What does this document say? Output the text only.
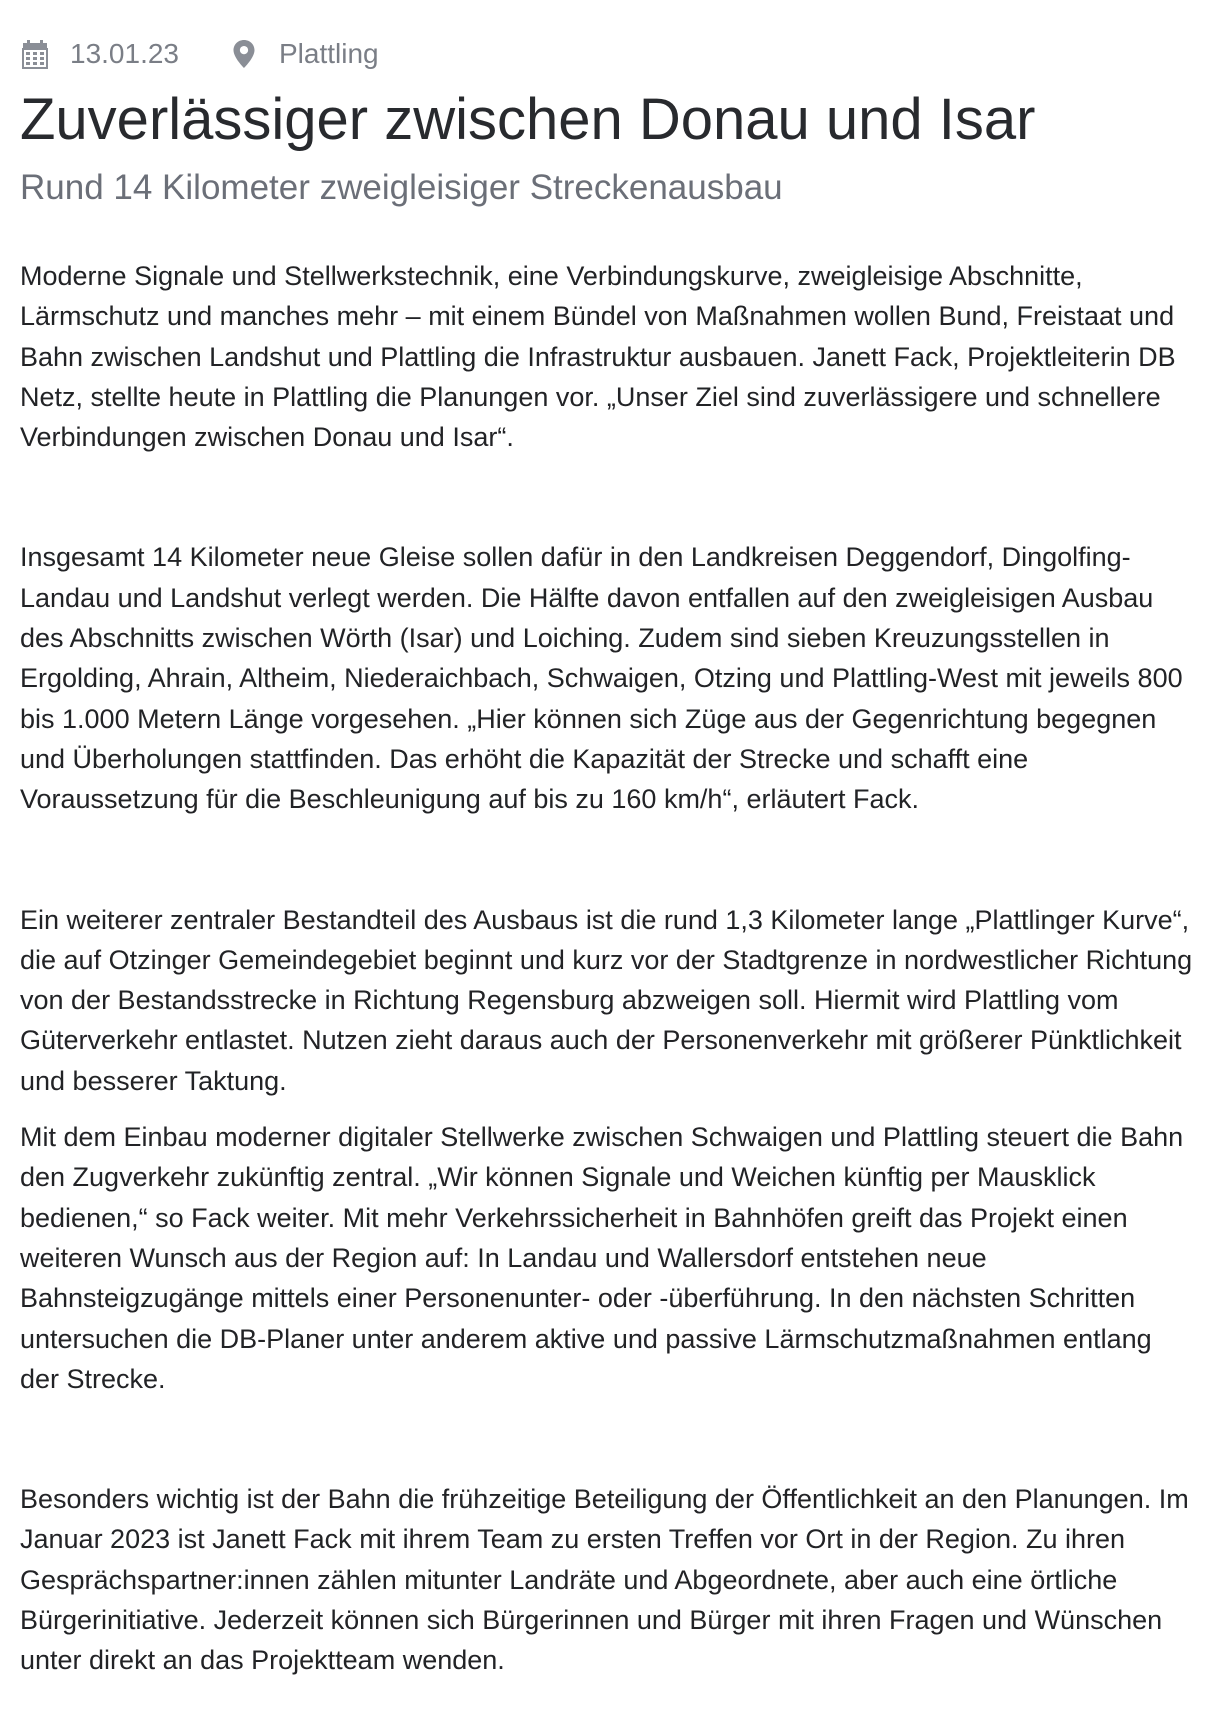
13.01.23	Plattling
Zuverlässiger zwischen Donau und Isar
Rund 14 Kilometer zweigleisiger Streckenausbau

Moderne Signale und Stellwerkstechnik, eine Verbindungskurve, zweigleisige Abschnitte, Lärmschutz und manches mehr – mit einem Bündel von Maßnahmen wollen Bund, Freistaat und Bahn zwischen Landshut und Plattling die Infrastruktur ausbauen. Janett Fack, Projektleiterin DB Netz, stellte heute in Plattling die Planungen vor. „Unser Ziel sind zuverlässigere und schnellere Verbindungen zwischen Donau und Isar“.

Insgesamt 14 Kilometer neue Gleise sollen dafür in den Landkreisen Deggendorf, Dingolfing-Landau und Landshut verlegt werden. Die Hälfte davon entfallen auf den zweigleisigen Ausbau des Abschnitts zwischen Wörth (Isar) und Loiching. Zudem sind sieben Kreuzungsstellen in Ergolding, Ahrain, Altheim, Niederaichbach, Schwaigen, Otzing und Plattling-West mit jeweils 800 bis 1.000 Metern Länge vorgesehen. „Hier können sich Züge aus der Gegenrichtung begegnen und Überholungen stattfinden. Das erhöht die Kapazität der Strecke und schafft eine Voraussetzung für die Beschleunigung auf bis zu 160 km/h“, erläutert Fack.

Ein weiterer zentraler Bestandteil des Ausbaus ist die rund 1,3 Kilometer lange „Plattlinger Kurve“, die auf Otzinger Gemeindegebiet beginnt und kurz vor der Stadtgrenze in nordwestlicher Richtung von der Bestandsstrecke in Richtung Regensburg abzweigen soll. Hiermit wird Plattling vom Güterverkehr entlastet. Nutzen zieht daraus auch der Personenverkehr mit größerer Pünktlichkeit und besserer Taktung.

Mit dem Einbau moderner digitaler Stellwerke zwischen Schwaigen und Plattling steuert die Bahn den Zugverkehr zukünftig zentral. „Wir können Signale und Weichen künftig per Mausklick bedienen,“ so Fack weiter. Mit mehr Verkehrssicherheit in Bahnhöfen greift das Projekt einen weiteren Wunsch aus der Region auf: In Landau und Wallersdorf entstehen neue Bahnsteigzugänge mittels einer Personenunter- oder -überführung. In den nächsten Schritten untersuchen die DB-Planer unter anderem aktive und passive Lärmschutzmaßnahmen entlang der Strecke.

Besonders wichtig ist der Bahn die frühzeitige Beteiligung der Öffentlichkeit an den Planungen. Im Januar 2023 ist Janett Fack mit ihrem Team zu ersten Treffen vor Ort in der Region. Zu ihren Gesprächspartner:innen zählen mitunter Landräte und Abgeordnete, aber auch eine örtliche Bürgerinitiative. Jederzeit können sich Bürgerinnen und Bürger mit ihren Fragen und Wünschen unter direkt an das Projektteam wenden.
